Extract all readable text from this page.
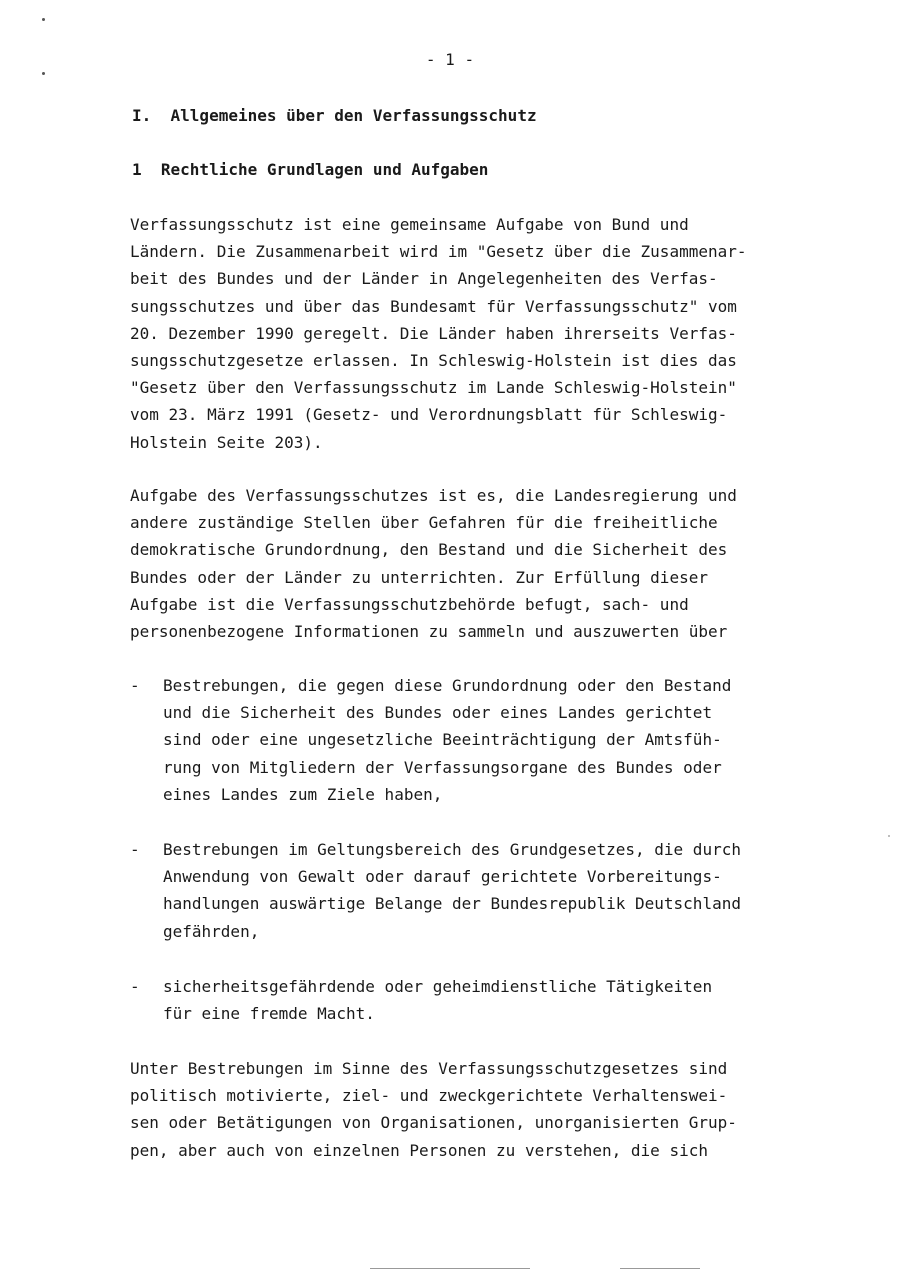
- 1 -
I.  Allgemeines über den Verfassungsschutz
1  Rechtliche Grundlagen und Aufgaben
Verfassungsschutz ist eine gemeinsame Aufgabe von Bund und
Ländern. Die Zusammenarbeit wird im "Gesetz über die Zusammenar-
beit des Bundes und der Länder in Angelegenheiten des Verfas-
sungsschutzes und über das Bundesamt für Verfassungsschutz" vom
20. Dezember 1990 geregelt. Die Länder haben ihrerseits Verfas-
sungsschutzgesetze erlassen. In Schleswig-Holstein ist dies das
"Gesetz über den Verfassungsschutz im Lande Schleswig-Holstein"
vom 23. März 1991 (Gesetz- und Verordnungsblatt für Schleswig-
Holstein Seite 203).
Aufgabe des Verfassungsschutzes ist es, die Landesregierung und
andere zuständige Stellen über Gefahren für die freiheitliche
demokratische Grundordnung, den Bestand und die Sicherheit des
Bundes oder der Länder zu unterrichten. Zur Erfüllung dieser
Aufgabe ist die Verfassungsschutzbehörde befugt, sach- und
personenbezogene Informationen zu sammeln und auszuwerten über
- Bestrebungen, die gegen diese Grundordnung oder den Bestand
und die Sicherheit des Bundes oder eines Landes gerichtet
sind oder eine ungesetzliche Beeinträchtigung der Amtsfüh-
rung von Mitgliedern der Verfassungsorgane des Bundes oder
eines Landes zum Ziele haben,
- Bestrebungen im Geltungsbereich des Grundgesetzes, die durch
Anwendung von Gewalt oder darauf gerichtete Vorbereitungs-
handlungen auswärtige Belange der Bundesrepublik Deutschland
gefährden,
- sicherheitsgefährdende oder geheimdienstliche Tätigkeiten
für eine fremde Macht.
Unter Bestrebungen im Sinne des Verfassungsschutzgesetzes sind
politisch motivierte, ziel- und zweckgerichtete Verhaltenswei-
sen oder Betätigungen von Organisationen, unorganisierten Grup-
pen, aber auch von einzelnen Personen zu verstehen, die sich
